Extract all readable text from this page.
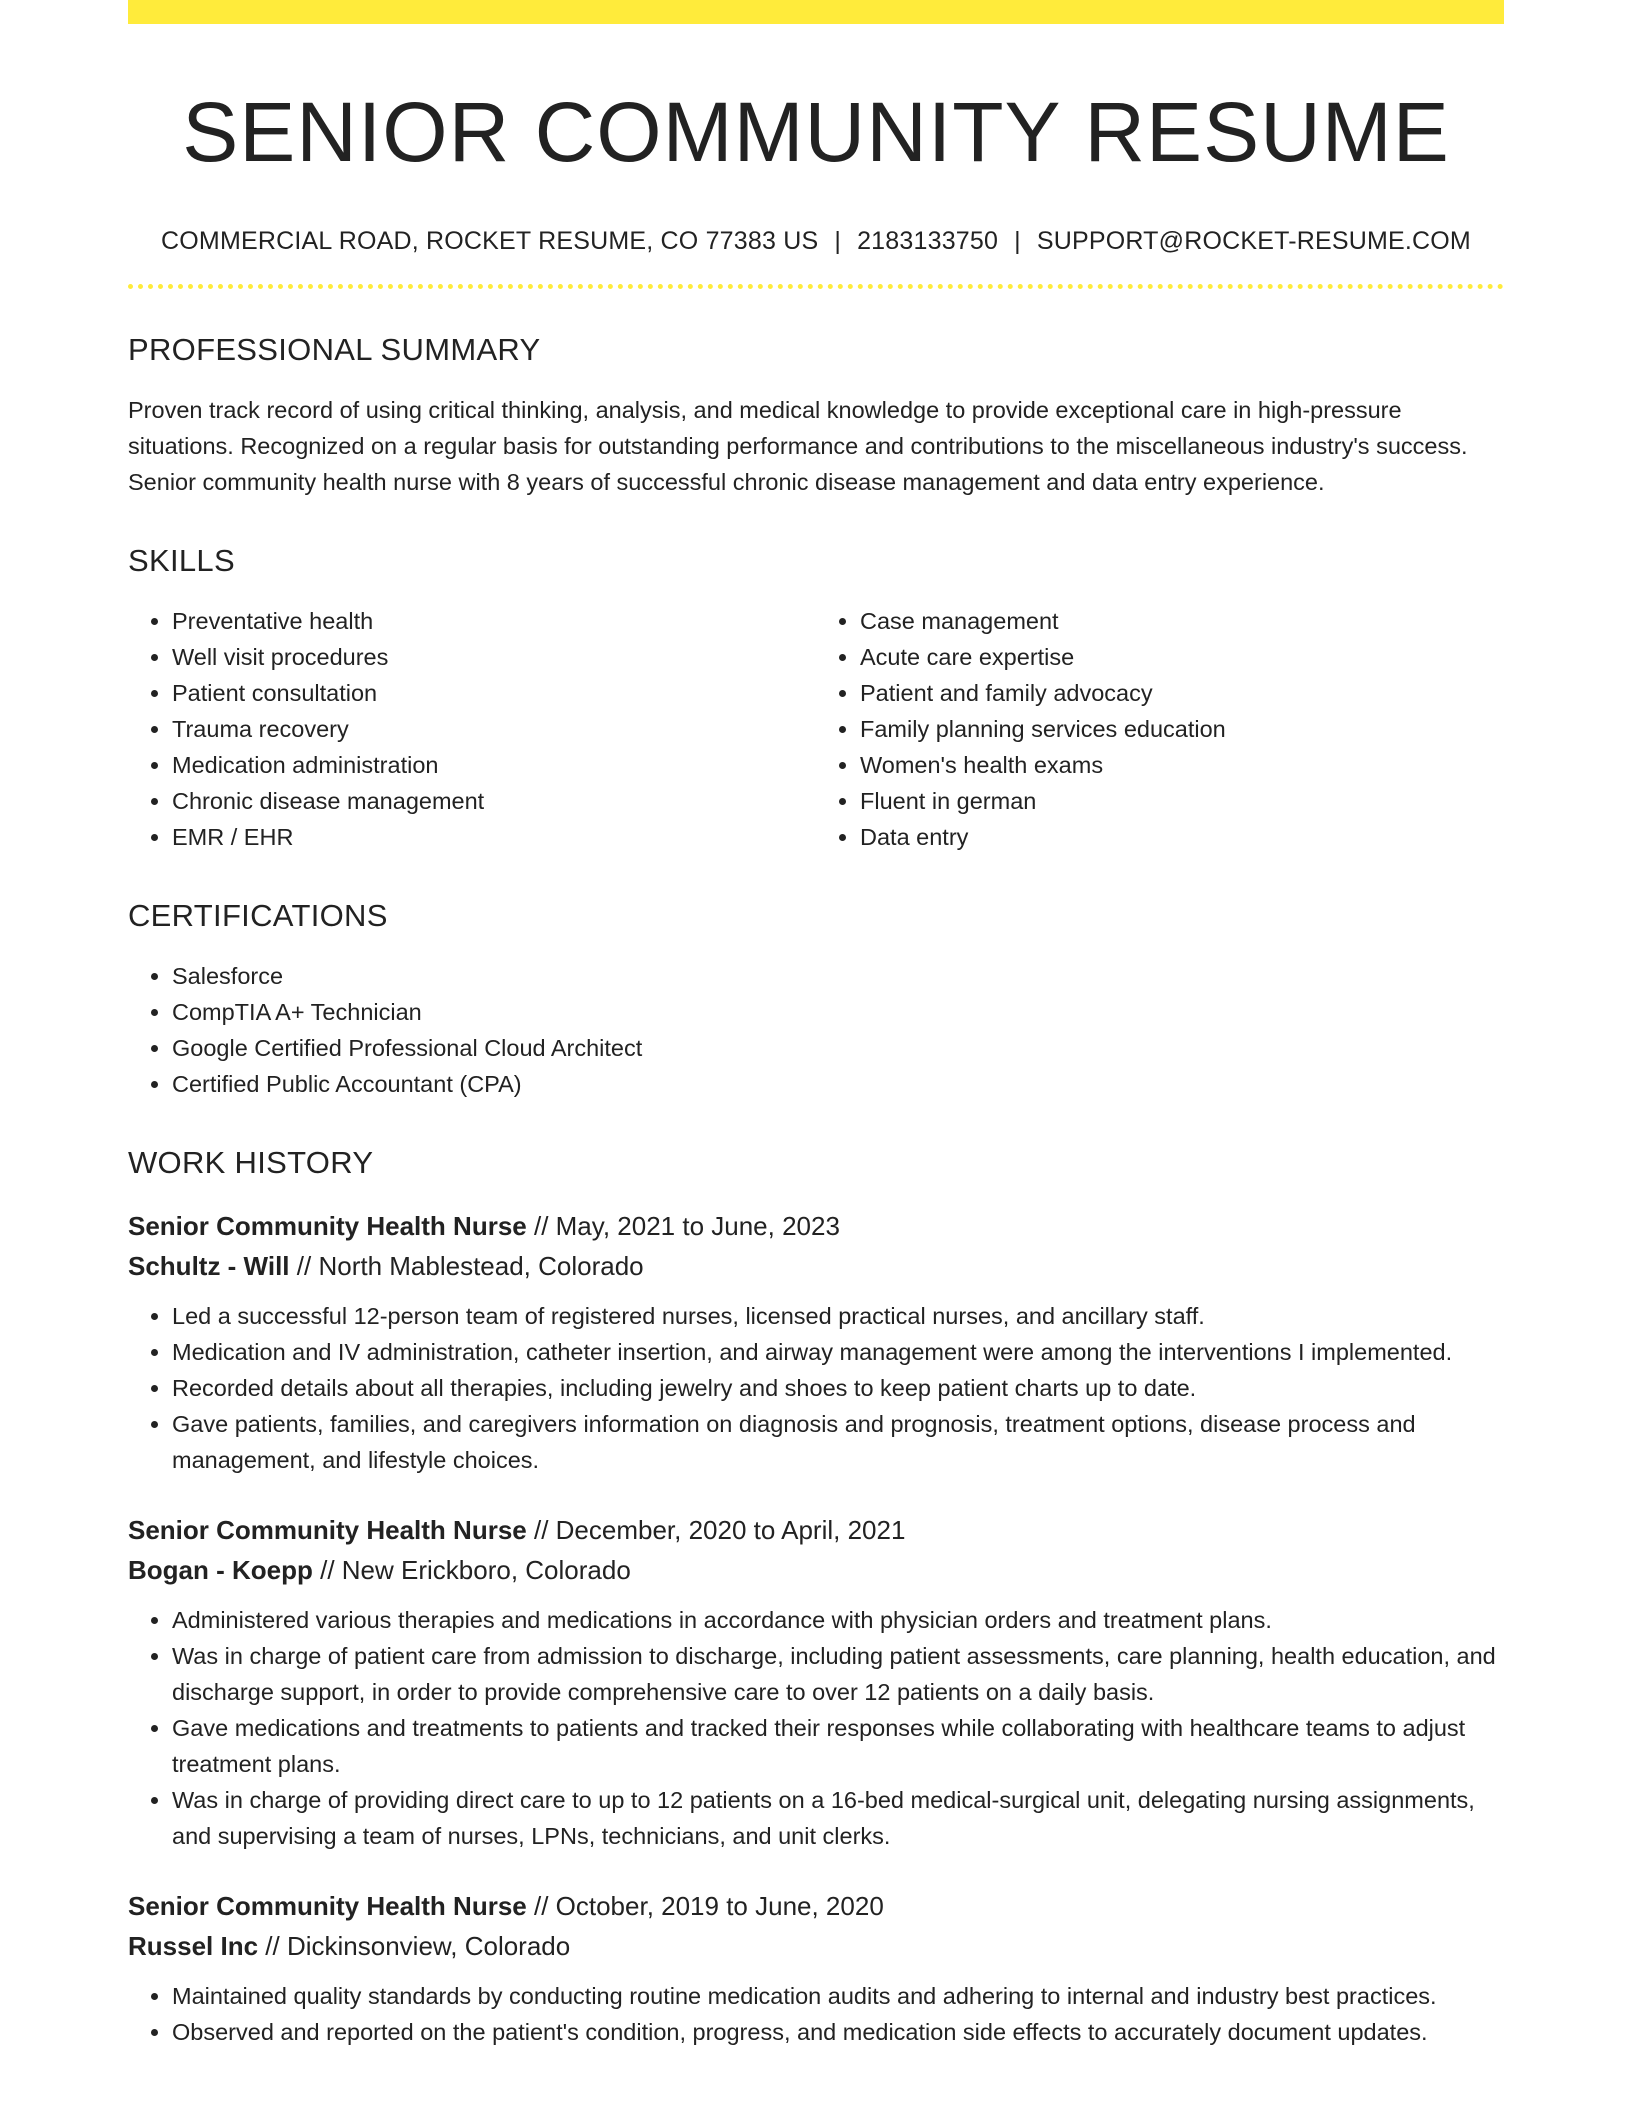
SENIOR COMMUNITY RESUME
COMMERCIAL ROAD, ROCKET RESUME, CO 77383 US | 2183133750 | SUPPORT@ROCKET-RESUME.COM
PROFESSIONAL SUMMARY

Proven track record of using critical thinking, analysis, and medical knowledge to provide exceptional care in high-pressure situations. Recognized on a regular basis for outstanding performance and contributions to the miscellaneous industry's success. Senior community health nurse with 8 years of successful chronic disease management and data entry experience.

SKILLS
• Preventative health
• Well visit procedures
• Patient consultation
• Trauma recovery
• Medication administration
• Chronic disease management
• EMR / EHR
• Case management
• Acute care expertise
• Patient and family advocacy
• Family planning services education
• Women's health exams
• Fluent in german
• Data entry
CERTIFICATIONS
• Salesforce
• CompTIA A+ Technician
• Google Certified Professional Cloud Architect
• Certified Public Accountant (CPA)
WORK HISTORY
Senior Community Health Nurse // May, 2021 to June, 2023
Schultz - Will // North Mablestead, Colorado
• Led a successful 12-person team of registered nurses, licensed practical nurses, and ancillary staff.
• Medication and IV administration, catheter insertion, and airway management were among the interventions I implemented.
• Recorded details about all therapies, including jewelry and shoes to keep patient charts up to date.
• Gave patients, families, and caregivers information on diagnosis and prognosis, treatment options, disease process and management, and lifestyle choices.
Senior Community Health Nurse // December, 2020 to April, 2021
Bogan - Koepp // New Erickboro, Colorado
• Administered various therapies and medications in accordance with physician orders and treatment plans.
• Was in charge of patient care from admission to discharge, including patient assessments, care planning, health education, and discharge support, in order to provide comprehensive care to over 12 patients on a daily basis.
• Gave medications and treatments to patients and tracked their responses while collaborating with healthcare teams to adjust treatment plans.
• Was in charge of providing direct care to up to 12 patients on a 16-bed medical-surgical unit, delegating nursing assignments, and supervising a team of nurses, LPNs, technicians, and unit clerks.
Senior Community Health Nurse // October, 2019 to June, 2020
Russel Inc // Dickinsonview, Colorado
• Maintained quality standards by conducting routine medication audits and adhering to internal and industry best practices.
• Observed and reported on the patient's condition, progress, and medication side effects to accurately document updates.
